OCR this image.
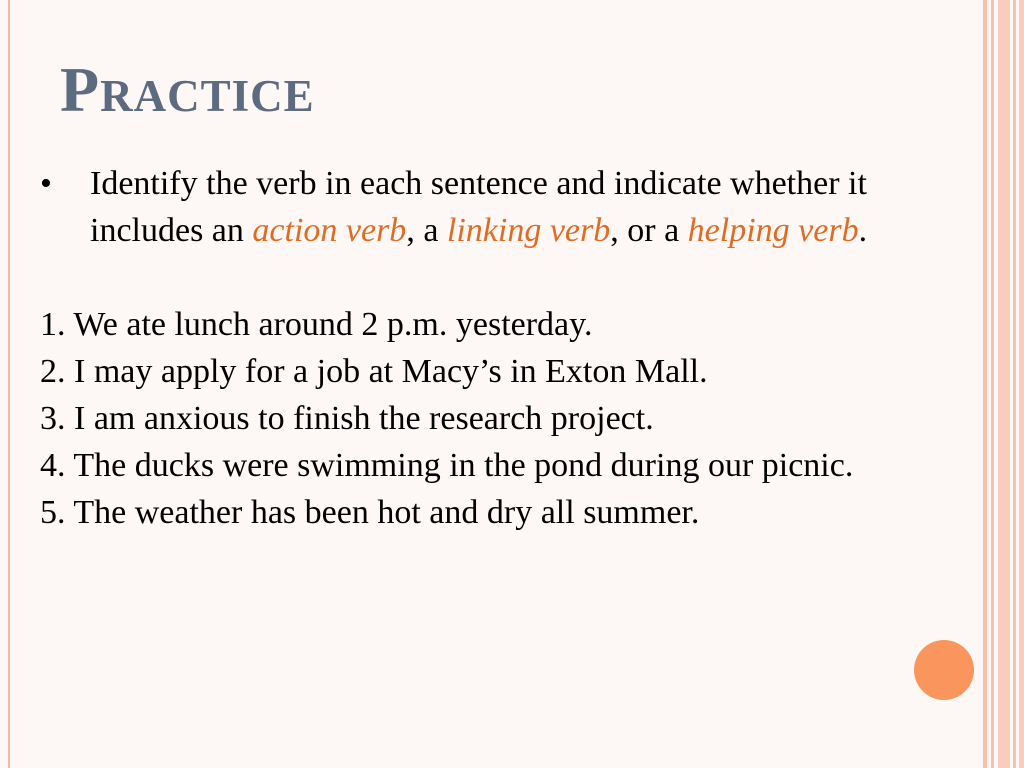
Practice
• Identify the verb in each sentence and indicate whether it includes an action verb, a linking verb, or a helping verb.
1. We ate lunch around 2 p.m. yesterday.
2. I may apply for a job at Macy’s in Exton Mall.
3. I am anxious to finish the research project.
4. The ducks were swimming in the pond during our picnic.
5. The weather has been hot and dry all summer.
